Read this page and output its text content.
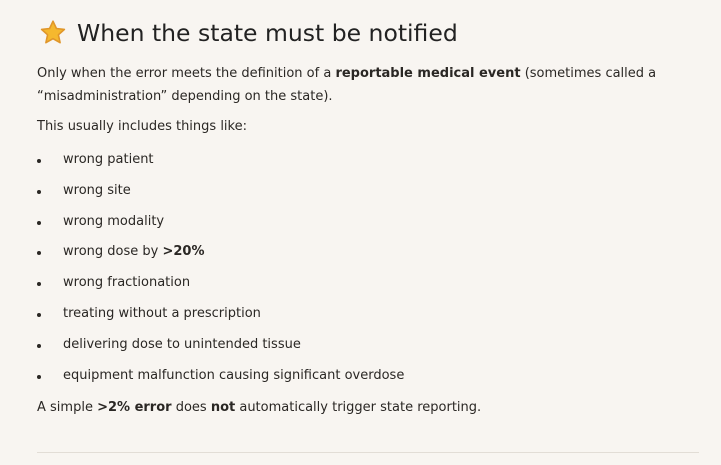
When the state must be notified

Only when the error meets the definition of a reportable medical event (sometimes called a “misadministration” depending on the state).

This usually includes things like:

wrong patient
wrong site
wrong modality
wrong dose by >20%
wrong fractionation
treating without a prescription
delivering dose to unintended tissue
equipment malfunction causing significant overdose

A simple >2% error does not automatically trigger state reporting.
